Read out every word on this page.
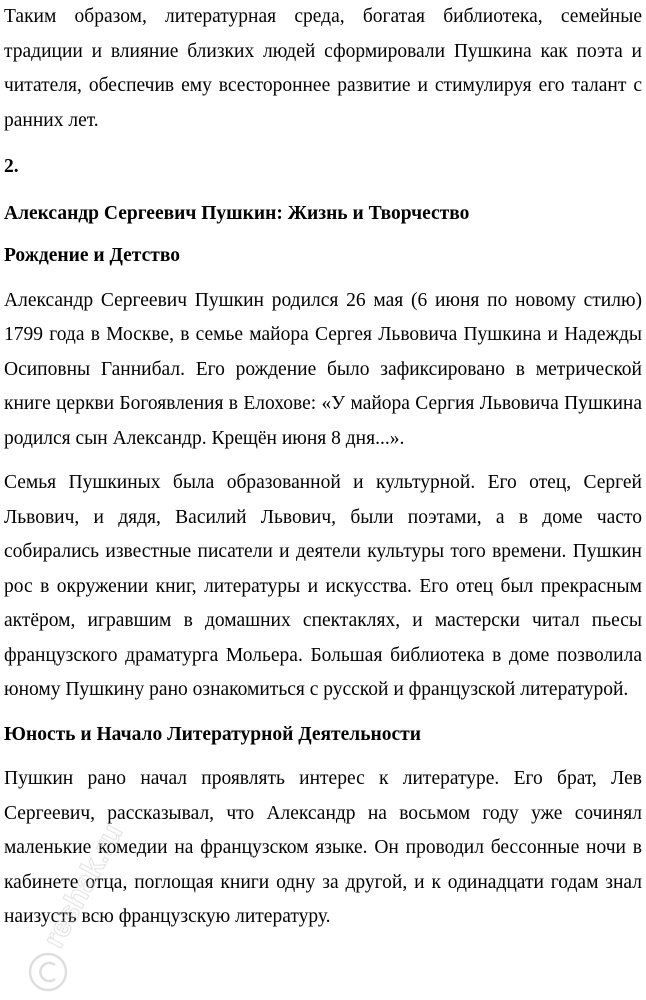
Таким образом, литературная среда, богатая библиотека, семейные традиции и влияние близких людей сформировали Пушкина как поэта и читателя, обеспечив ему всестороннее развитие и стимулируя его талант с ранних лет.

2.

Александр Сергеевич Пушкин: Жизнь и Творчество

Рождение и Детство

Александр Сергеевич Пушкин родился 26 мая (6 июня по новому стилю) 1799 года в Москве, в семье майора Сергея Львовича Пушкина и Надежды Осиповны Ганнибал. Его рождение было зафиксировано в метрической книге церкви Богоявления в Елохове: «У майора Сергия Львовича Пушкина родился сын Александр. Крещён июня 8 дня...».

Семья Пушкиных была образованной и культурной. Его отец, Сергей Львович, и дядя, Василий Львович, были поэтами, а в доме часто собирались известные писатели и деятели культуры того времени. Пушкин рос в окружении книг, литературы и искусства. Его отец был прекрасным актёром, игравшим в домашних спектаклях, и мастерски читал пьесы французского драматурга Мольера. Большая библиотека в доме позволила юному Пушкину рано ознакомиться с русской и французской литературой.

Юность и Начало Литературной Деятельности

Пушкин рано начал проявлять интерес к литературе. Его брат, Лев Сергеевич, рассказывал, что Александр на восьмом году уже сочинял маленькие комедии на французском языке. Он проводил бессонные ночи в кабинете отца, поглощая книги одну за другой, и к одинадцати годам знал наизусть всю французскую литературу.

reshak.ru
